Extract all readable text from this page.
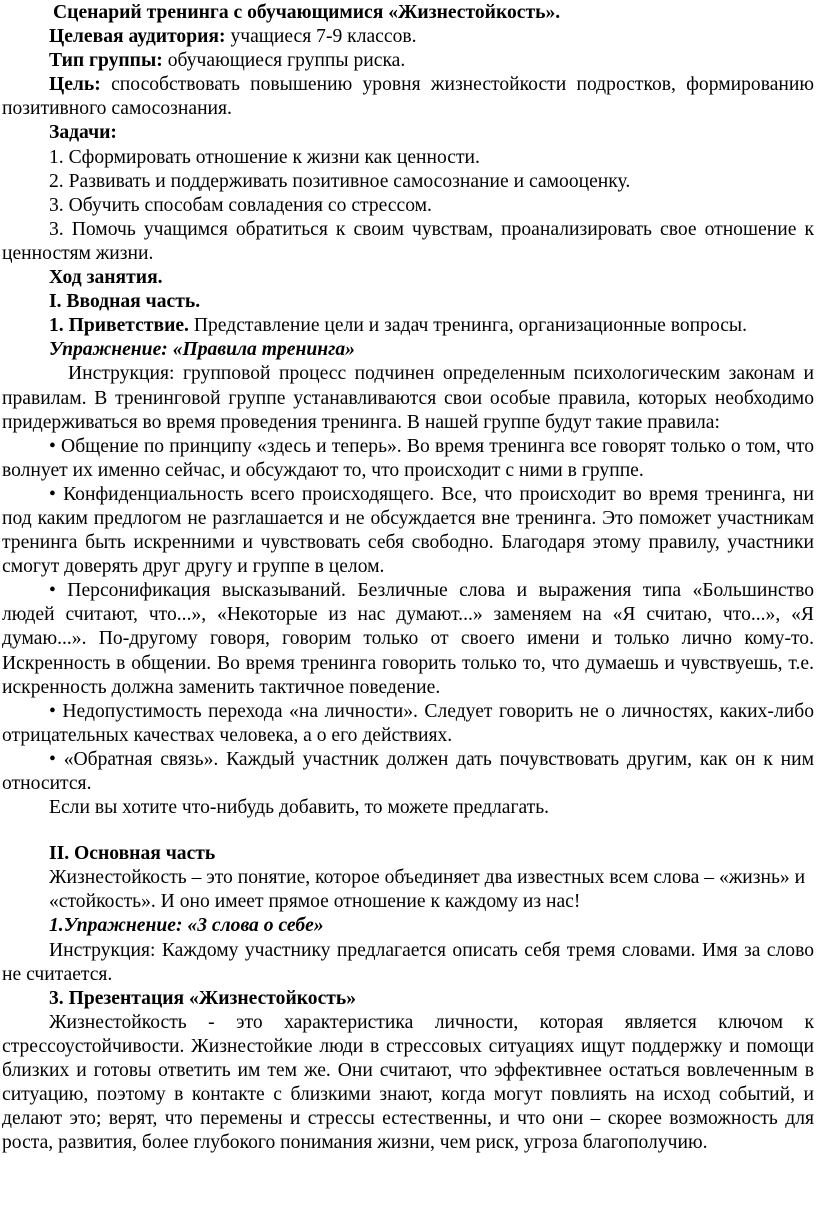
Сценарий тренинга с обучающимися «Жизнестойкость».

Целевая аудитория: учащиеся 7-9 классов.

Тип группы: обучающиеся группы риска.

Цель: способствовать повышению уровня жизнестойкости подростков, формированию позитивного самосознания.

Задачи:

1. Сформировать отношение к жизни как ценности.

2. Развивать и поддерживать позитивное самосознание и самооценку.

3. Обучить способам совладения со стрессом.

3. Помочь учащимся обратиться к своим чувствам, проанализировать свое отношение к ценностям жизни.

Ход занятия.

I. Вводная часть.

1. Приветствие. Представление цели и задач тренинга, организационные вопросы.

Упражнение: «Правила тренинга»

Инструкция: групповой процесс подчинен определенным психологическим законам и правилам. В тренинговой группе устанавливаются свои особые правила, которых необходимо придерживаться во время проведения тренинга. В нашей группе будут такие правила:

• Общение по принципу «здесь и теперь». Во время тренинга все говорят только о том, что волнует их именно сейчас, и обсуждают то, что происходит с ними в группе.

• Конфиденциальность всего происходящего. Все, что происходит во время тренинга, ни под каким предлогом не разглашается и не обсуждается вне тренинга. Это поможет участникам тренинга быть искренними и чувствовать себя свободно. Благодаря этому правилу, участники смогут доверять друг другу и группе в целом.

• Персонификация высказываний. Безличные слова и выражения типа «Большинство людей считают, что...», «Некоторые из нас думают...» заменяем на «Я считаю, что...», «Я думаю...». По-другому говоря, говорим только от своего имени и только лично кому-то. Искренность в общении. Во время тренинга говорить только то, что думаешь и чувствуешь, т.е. искренность должна заменить тактичное поведение.

• Недопустимость перехода «на личности». Следует говорить не о личностях, каких-либо отрицательных качествах человека, а о его действиях.

• «Обратная связь». Каждый участник должен дать почувствовать другим, как он к ним относится.

Если вы хотите что-нибудь добавить, то можете предлагать.

II. Основная часть

Жизнестойкость – это понятие, которое объединяет два известных всем слова – «жизнь» и «стойкость». И оно имеет прямое отношение к каждому из нас!

1.Упражнение: «3 слова о себе»

Инструкция: Каждому участнику предлагается описать себя тремя словами. Имя за слово не считается.

3. Презентация «Жизнестойкость»

Жизнестойкость - это характеристика личности, которая является ключом к стрессоустойчивости. Жизнестойкие люди в стрессовых ситуациях ищут поддержку и помощи близких и готовы ответить им тем же. Они считают, что эффективнее остаться вовлеченным в ситуацию, поэтому в контакте с близкими знают, когда могут повлиять на исход событий, и делают это; верят, что перемены и стрессы естественны, и что они – скорее возможность для роста, развития, более глубокого понимания жизни, чем риск, угроза благополучию.
